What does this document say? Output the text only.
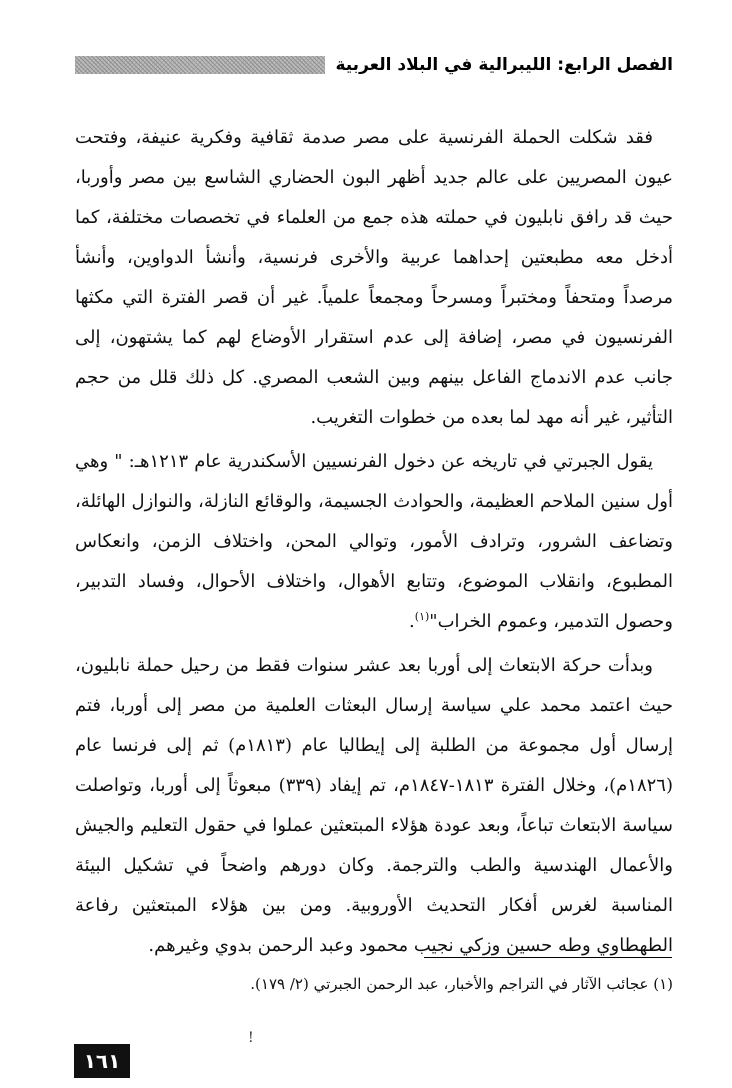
الفصل الرابع: الليبرالية في البلاد العربية

فقد شكلت الحملة الفرنسية على مصر صدمة ثقافية وفكرية عنيفة، وفتحت عيون المصريين على عالم جديد أظهر البون الحضاري الشاسع بين مصر وأوربا، حيث قد رافق نابليون في حملته هذه جمع من العلماء في تخصصات مختلفة، كما أدخل معه مطبعتين إحداهما عربية والأخرى فرنسية، وأنشأ الدواوين، وأنشأ مرصداً ومتحفاً ومختبراً ومسرحاً ومجمعاً علمياً. غير أن قصر الفترة التي مكثها الفرنسيون في مصر، إضافة إلى عدم استقرار الأوضاع لهم كما يشتهون، إلى جانب عدم الاندماج الفاعل بينهم وبين الشعب المصري. كل ذلك قلل من حجم التأثير، غير أنه مهد لما بعده من خطوات التغريب.

يقول الجبرتي في تاريخه عن دخول الفرنسيين الأسكندرية عام ١٢١٣هـ: " وهي أول سنين الملاحم العظيمة، والحوادث الجسيمة، والوقائع النازلة، والنوازل الهائلة، وتضاعف الشرور، وترادف الأمور، وتوالي المحن، واختلاف الزمن، وانعكاس المطبوع، وانقلاب الموضوع، وتتابع الأهوال، واختلاف الأحوال، وفساد التدبير، وحصول التدمير، وعموم الخراب"$^{(١)}$.

وبدأت حركة الابتعاث إلى أوربا بعد عشر سنوات فقط من رحيل حملة نابليون، حيث اعتمد محمد علي سياسة إرسال البعثات العلمية من مصر إلى أوربا، فتم إرسال أول مجموعة من الطلبة إلى إيطاليا عام (١٨١٣م) ثم إلى فرنسا عام (١٨٢٦م)، وخلال الفترة ١٨١٣-١٨٤٧م، تم إيفاد (٣٣٩) مبعوثاً إلى أوربا، وتواصلت سياسة الابتعاث تباعاً، وبعد عودة هؤلاء المبتعثين عملوا في حقول التعليم والجيش والأعمال الهندسية والطب والترجمة. وكان دورهم واضحاً في تشكيل البيئة المناسبة لغرس أفكار التحديث الأوروبية. ومن بين هؤلاء المبتعثين رفاعة الطهطاوي وطه حسين وزكي نجيب محمود وعبد الرحمن بدوي وغيرهم.

(١) عجائب الآثار في التراجم والأخبار، عبد الرحمن الجبرتي (٢/ ١٧٩).
!
١٦١
